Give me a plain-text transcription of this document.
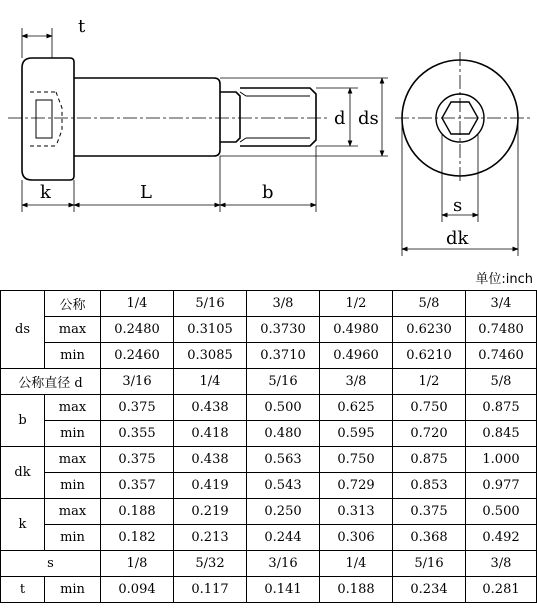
t
k	L	b
d ds
s
dk
单位:inch
ds	公称	1/4	5/16	3/8	1/2	5/8	3/4
	max	0.2480	0.3105	0.3730	0.4980	0.6230	0.7480
	min	0.2460	0.3085	0.3710	0.4960	0.6210	0.7460
公称直径 d		3/16	1/4	5/16	3/8	1/2	5/8
b	max	0.375	0.438	0.500	0.625	0.750	0.875
	min	0.355	0.418	0.480	0.595	0.720	0.845
dk	max	0.375	0.438	0.563	0.750	0.875	1.000
	min	0.357	0.419	0.543	0.729	0.853	0.977
k	max	0.188	0.219	0.250	0.313	0.375	0.500
	min	0.182	0.213	0.244	0.306	0.368	0.492
s		1/8	5/32	3/16	1/4	5/16	3/8
t	min	0.094	0.117	0.141	0.188	0.234	0.281
